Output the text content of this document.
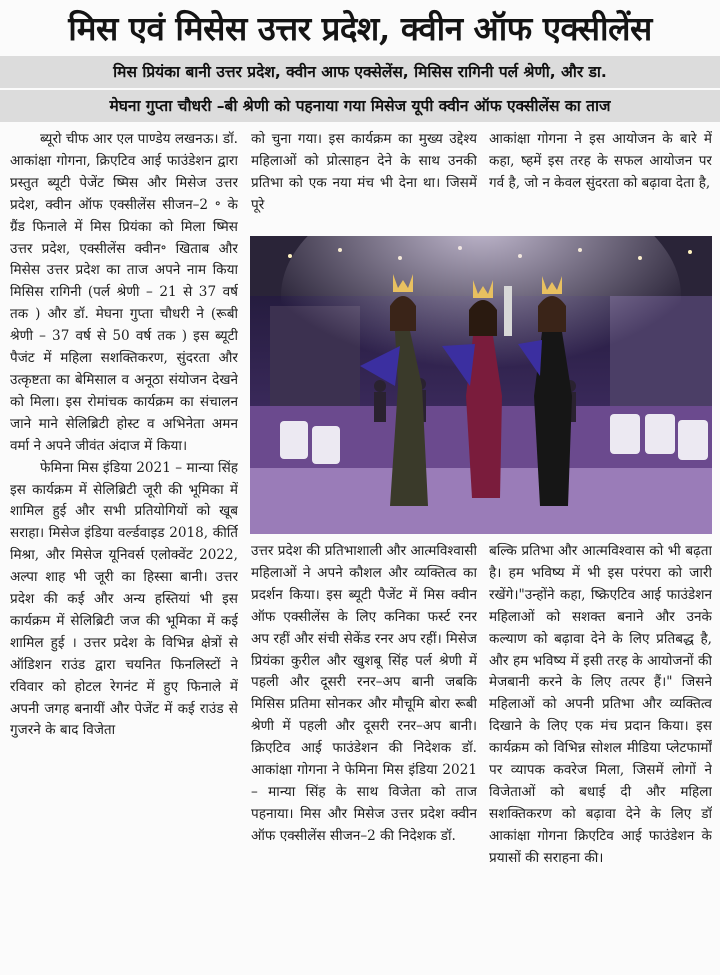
मिस एवं मिसेस उत्तर प्रदेश, क्वीन ऑफ एक्सीलेंस
मिस प्रियंका बानी उत्तर प्रदेश, क्वीन आफ एक्सेलेंस, मिसिस रागिनी पर्ल श्रेणी, और डा.
मेघना गुप्ता चौधरी –बी श्रेणी को पहनाया गया मिसेज यूपी क्वीन ऑफ एक्सीलेंस का ताज

ब्यूरो चीफ आर एल पाण्डेय लखनऊ। डॉ. आकांक्षा गोगना, क्रिएटिव आई फाउंडेशन द्वारा प्रस्तुत ब्यूटी पेजेंट ष्मिस और मिसेज उत्तर प्रदेश, क्वीन ऑफ एक्सीलेंस सीजन–2 ॰ के ग्रैंड फिनाले में मिस प्रियंका को मिला ष्मिस उत्तर प्रदेश, एक्सीलेंस क्वीन॰ खिताब और मिसेस उत्तर प्रदेश का ताज अपने नाम किया मिसिस रागिनी (पर्ल श्रेणी – 21 से 37 वर्ष तक ) और डॉ. मेघना गुप्ता चौधरी ने (रूबी श्रेणी – 37 वर्ष से 50 वर्ष तक ) इस ब्यूटी पैजंट में महिला सशक्तिकरण, सुंदरता और उत्कृष्टता का बेमिसाल व अनूठा संयोजन देखने को मिला। इस रोमांचक कार्यक्रम का संचालन जाने माने सेलिब्रिटी होस्ट व अभिनेता अमन वर्मा ने अपने जीवंत अंदाज में किया।

फेमिना मिस इंडिया 2021 – मान्या सिंह इस कार्यक्रम में सेलिब्रिटी जूरी की भूमिका में शामिल हुई और सभी प्रतियोगियों को खूब सराहा। मिसेज इंडिया वर्ल्डवाइड 2018, कीर्ति मिश्रा, और मिसेज यूनिवर्स एलोक्वेंट 2022, अल्पा शाह भी जूरी का हिस्सा बानी। उत्तर प्रदेश की कई और अन्य हस्तियां भी इस कार्यक्रम में सेलिब्रिटी जज की भूमिका में कई शामिल हुई । उत्तर प्रदेश के विभिन्न क्षेत्रों से ऑडिशन राउंड द्वारा चयनित फिनलिस्टों ने रविवार को होटल रेगनंट में हुए फिनाले में अपनी जगह बनायीं और पेजेंट में कई राउंड से गुजरने के बाद विजेता

को चुना गया। इस कार्यक्रम का मुख्य उद्देश्य महिलाओं को प्रोत्साहन देने के साथ उनकी प्रतिभा को एक नया मंच भी देना था। जिसमें पूरे

आकांक्षा गोगना ने इस आयोजन के बारे में कहा, ष्हमें इस तरह के सफल आयोजन पर गर्व है, जो न केवल सुंदरता को बढ़ावा देता है,

उत्तर प्रदेश की प्रतिभाशाली और आत्मविश्वासी महिलाओं ने अपने कौशल और व्यक्तित्व का प्रदर्शन किया। इस ब्यूटी पैजेंट में मिस क्वीन ऑफ एक्सीलेंस के लिए कनिका फर्स्ट रनर अप रहीं और संची सेकेंड रनर अप रहीं। मिसेज प्रियंका कुरील और खुशबू सिंह पर्ल श्रेणी में पहली और दूसरी रनर–अप बानी जबकि मिसिस प्रतिमा सोनकर और मौचूमि बोरा रूबी श्रेणी में पहली और दूसरी रनर–अप बानी। क्रिएटिव आई फाउंडेशन की निदेशक डॉ. आकांक्षा गोगना ने फेमिना मिस इंडिया 2021 – मान्या सिंह के साथ विजेता को ताज पहनाया। मिस और मिसेज उत्तर प्रदेश क्वीन ऑफ एक्सीलेंस सीजन–2 की निदेशक डॉ.

बल्कि प्रतिभा और आत्मविश्वास को भी बढ़ता है। हम भविष्य में भी इस परंपरा को जारी रखेंगे।"उन्होंने कहा, ष्क्रिएटिव आई फाउंडेशन महिलाओं को सशक्त बनाने और उनके कल्याण को बढ़ावा देने के लिए प्रतिबद्ध है, और हम भविष्य में इसी तरह के आयोजनों की मेजबानी करने के लिए तत्पर हैं।" जिसने महिलाओं को अपनी प्रतिभा और व्यक्तित्व दिखाने के लिए एक मंच प्रदान किया। इस कार्यक्रम को विभिन्न सोशल मीडिया प्लेटफार्मों पर व्यापक कवरेज मिला, जिसमें लोगों ने विजेताओं को बधाई दी और महिला सशक्तिकरण को बढ़ावा देने के लिए डॉ आकांक्षा गोगना क्रिएटिव आई फाउंडेशन के प्रयासों की सराहना की।
